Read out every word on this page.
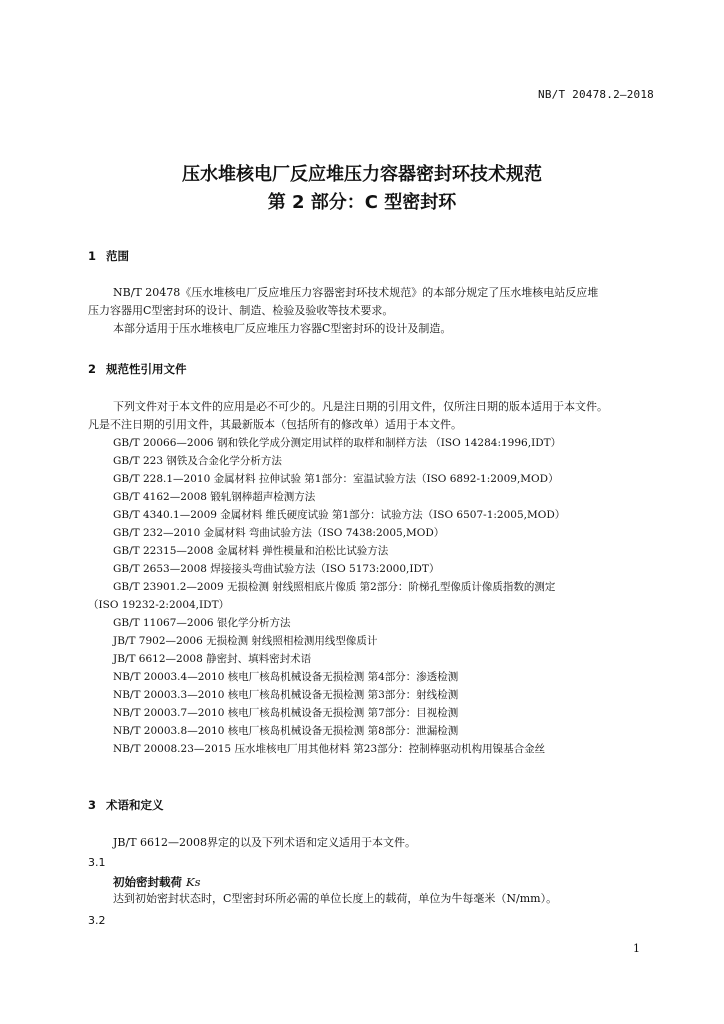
NB/T 20478.2—2018
压水堆核电厂反应堆压力容器密封环技术规范
第 2 部分：C 型密封环
1 范围
NB/T 20478《压水堆核电厂反应堆压力容器密封环技术规范》的本部分规定了压水堆核电站反应堆
压力容器用C型密封环的设计、制造、检验及验收等技术要求。
本部分适用于压水堆核电厂反应堆压力容器C型密封环的设计及制造。
2 规范性引用文件
下列文件对于本文件的应用是必不可少的。凡是注日期的引用文件，仅所注日期的版本适用于本文件。
凡是不注日期的引用文件，其最新版本（包括所有的修改单）适用于本文件。
GB/T 20066—2006 钢和铁化学成分测定用试样的取样和制样方法 （ISO 14284:1996,IDT）
GB/T 223 钢铁及合金化学分析方法
GB/T 228.1—2010 金属材料 拉伸试验 第1部分：室温试验方法（ISO 6892-1:2009,MOD）
GB/T 4162—2008 锻轧钢棒超声检测方法
GB/T 4340.1—2009 金属材料 维氏硬度试验 第1部分：试验方法（ISO 6507-1:2005,MOD）
GB/T 232—2010 金属材料 弯曲试验方法（ISO 7438:2005,MOD）
GB/T 22315—2008 金属材料 弹性模量和泊松比试验方法
GB/T 2653—2008 焊接接头弯曲试验方法（ISO 5173:2000,IDT）
GB/T 23901.2—2009 无损检测 射线照相底片像质 第2部分：阶梯孔型像质计像质指数的测定
（ISO 19232-2:2004,IDT）
GB/T 11067—2006 银化学分析方法
JB/T 7902—2006 无损检测 射线照相检测用线型像质计
JB/T 6612—2008 静密封、填料密封术语
NB/T 20003.4—2010 核电厂核岛机械设备无损检测 第4部分：渗透检测
NB/T 20003.3—2010 核电厂核岛机械设备无损检测 第3部分：射线检测
NB/T 20003.7—2010 核电厂核岛机械设备无损检测 第7部分：目视检测
NB/T 20003.8—2010 核电厂核岛机械设备无损检测 第8部分：泄漏检测
NB/T 20008.23—2015 压水堆核电厂用其他材料 第23部分：控制棒驱动机构用镍基合金丝
3 术语和定义
JB/T 6612—2008界定的以及下列术语和定义适用于本文件。
3.1
初始密封载荷 Ks
达到初始密封状态时，C型密封环所必需的单位长度上的载荷，单位为牛每毫米（N/mm）。
3.2
1
